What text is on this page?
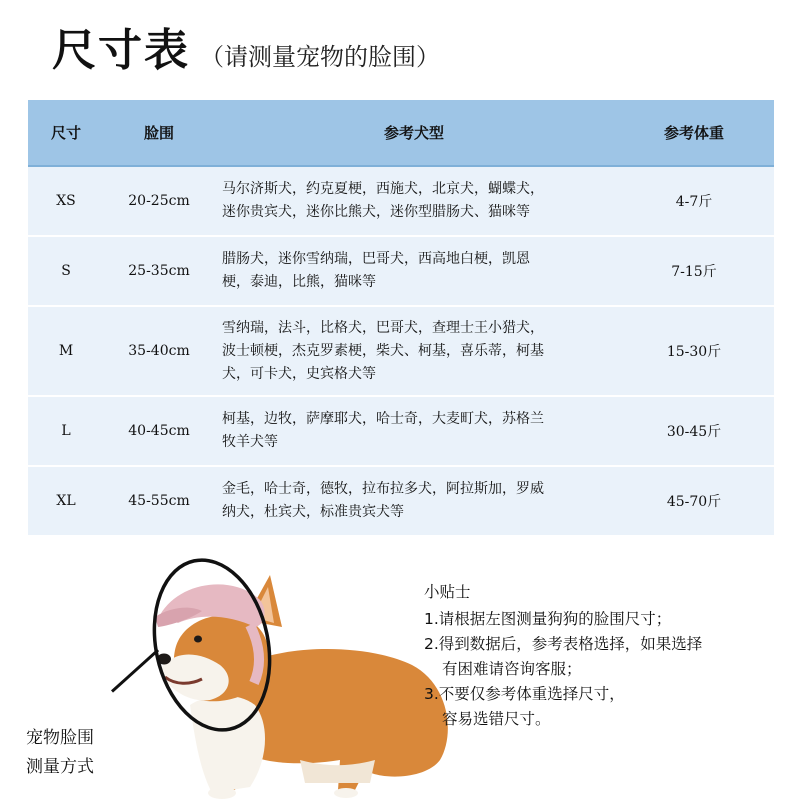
尺寸表 （请测量宠物的脸围）
尺寸	脸围	参考犬型	参考体重
XS	20-25cm	马尔济斯犬，约克夏梗，西施犬，北京犬，蝴蝶犬，
迷你贵宾犬，迷你比熊犬，迷你型腊肠犬、猫咪等	4-7斤
S	25-35cm	腊肠犬，迷你雪纳瑞，巴哥犬，西高地白梗，凯恩
梗，泰迪，比熊，猫咪等	7-15斤
M	35-40cm	雪纳瑞，法斗，比格犬，巴哥犬，查理士王小猎犬，
波士顿梗，杰克罗素梗，柴犬、柯基，喜乐蒂，柯基
犬，可卡犬，史宾格犬等	15-30斤
L	40-45cm	柯基，边牧，萨摩耶犬，哈士奇，大麦町犬，苏格兰
牧羊犬等	30-45斤
XL	45-55cm	金毛，哈士奇，德牧，拉布拉多犬，阿拉斯加，罗威
纳犬，杜宾犬，标准贵宾犬等	45-70斤
宠物脸围
测量方式
小贴士
1.请根据左图测量狗狗的脸围尺寸；
2.得到数据后，参考表格选择，如果选择
有困难请咨询客服；
3.不要仅参考体重选择尺寸，
容易选错尺寸。
